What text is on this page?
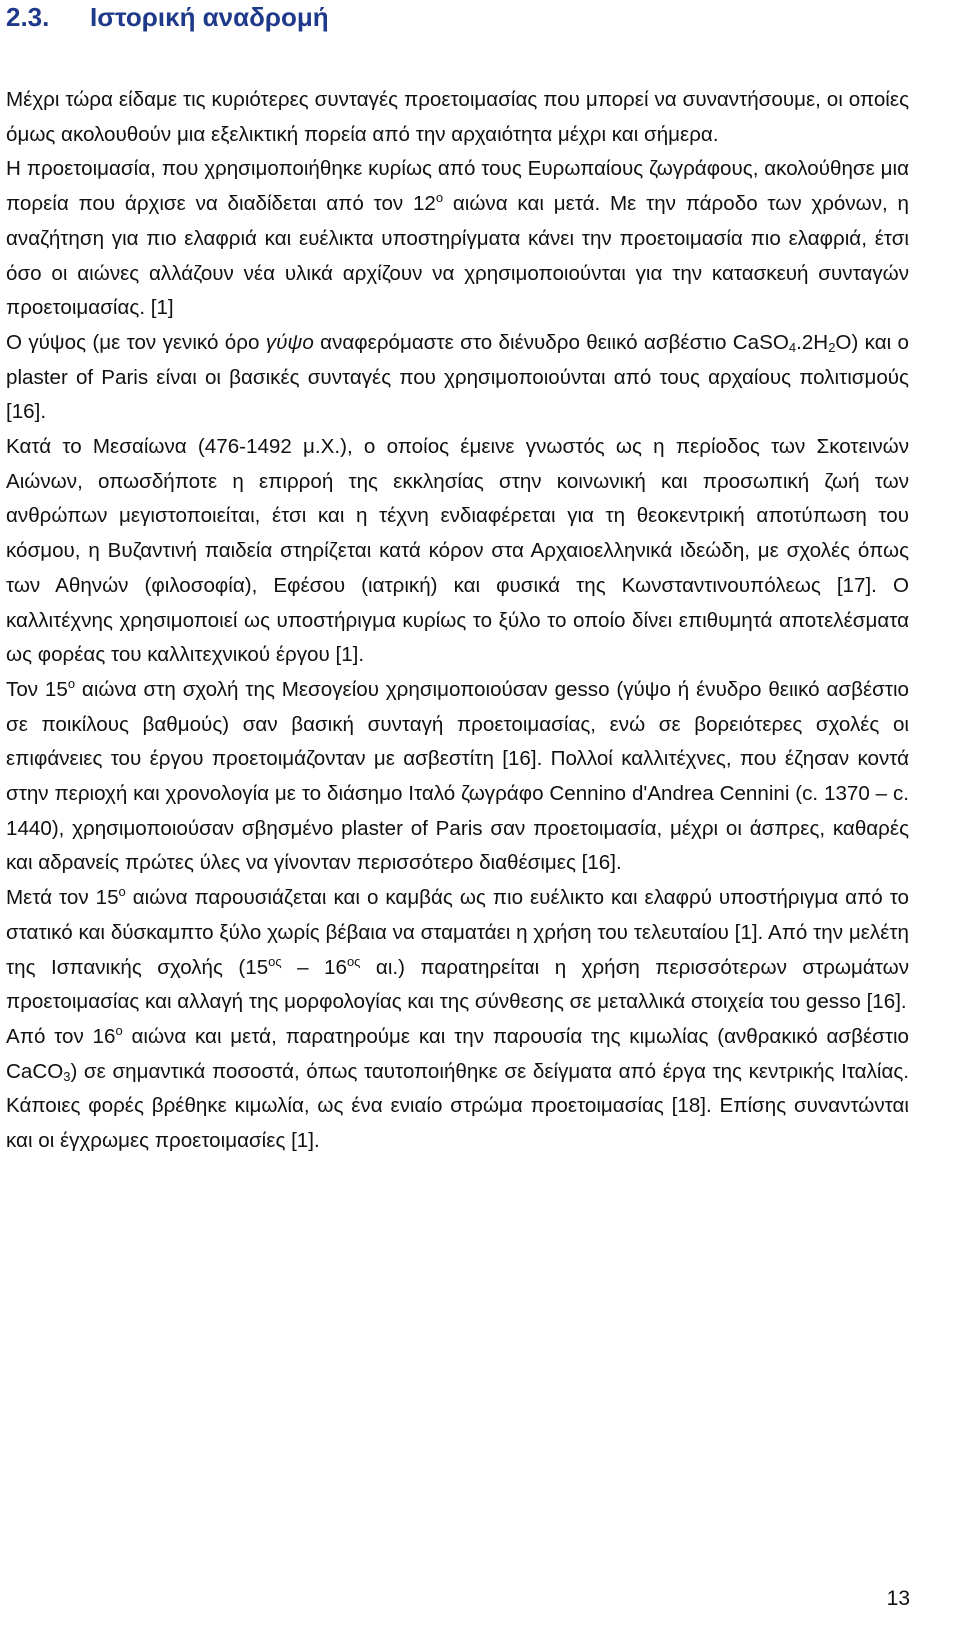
2.3. Ιστορική αναδρομή

Μέχρι τώρα είδαμε τις κυριότερες συνταγές προετοιμασίας που μπορεί να συναντήσουμε, οι οποίες όμως ακολουθούν μια εξελικτική πορεία από την αρχαιότητα μέχρι και σήμερα.

Η προετοιμασία, που χρησιμοποιήθηκε κυρίως από τους Ευρωπαίους ζωγράφους, ακολούθησε μια πορεία που άρχισε να διαδίδεται από τον $12^o$ αιώνα και μετά. Με την πάροδο των χρόνων, η αναζήτηση για πιο ελαφριά και ευέλικτα υποστηρίγματα κάνει την προετοιμασία πιο ελαφριά, έτσι όσο οι αιώνες αλλάζουν νέα υλικά αρχίζουν να χρησιμοποιούνται για την κατασκευή συνταγών προετοιμασίας. [1]

Ο γύψος (με τον γενικό όρο γύψο αναφερόμαστε στο διένυδρο θειικό ασβέστιο $CaSO_4.2H_2O$) και ο plaster of Paris είναι οι βασικές συνταγές που χρησιμοποιούνται από τους αρχαίους πολιτισμούς [16].

Κατά το Μεσαίωνα (476-1492 μ.Χ.), ο οποίος έμεινε γνωστός ως η περίοδος των Σκοτεινών Αιώνων, οπωσδήποτε η επιρροή της εκκλησίας στην κοινωνική και προσωπική ζωή των ανθρώπων μεγιστοποιείται, έτσι και η τέχνη ενδιαφέρεται για τη θεοκεντρική αποτύπωση του κόσμου, η Βυζαντινή παιδεία στηρίζεται κατά κόρον στα Αρχαιοελληνικά ιδεώδη, με σχολές όπως των Αθηνών (φιλοσοφία), Εφέσου (ιατρική) και φυσικά της Κωνσταντινουπόλεως [17]. Ο καλλιτέχνης χρησιμοποιεί ως υποστήριγμα κυρίως το ξύλο το οποίο δίνει επιθυμητά αποτελέσματα ως φορέας του καλλιτεχνικού έργου [1].

Τον $15^o$ αιώνα στη σχολή της Μεσογείου χρησιμοποιούσαν gesso (γύψο ή ένυδρο θειικό ασβέστιο σε ποικίλους βαθμούς) σαν βασική συνταγή προετοιμασίας, ενώ σε βορειότερες σχολές οι επιφάνειες του έργου προετοιμάζονταν με ασβεστίτη [16]. Πολλοί καλλιτέχνες, που έζησαν κοντά στην περιοχή και χρονολογία με το διάσημο Ιταλό ζωγράφο Cennino d'Andrea Cennini (c. 1370 – c. 1440), χρησιμοποιούσαν σβησμένο plaster of Paris σαν προετοιμασία, μέχρι οι άσπρες, καθαρές και αδρανείς πρώτες ύλες να γίνονταν περισσότερο διαθέσιμες [16].

Μετά τον $15^o$ αιώνα παρουσιάζεται και ο καμβάς ως πιο ευέλικτο και ελαφρύ υποστήριγμα από το στατικό και δύσκαμπτο ξύλο χωρίς βέβαια να σταματάει η χρήση του τελευταίου [1]. Από την μελέτη της Ισπανικής σχολής ($15^{o\varsigma} - 16^{o\varsigma}$ αι.) παρατηρείται η χρήση περισσότερων στρωμάτων προετοιμασίας και αλλαγή της μορφολογίας και της σύνθεσης σε μεταλλικά στοιχεία του gesso [16].

Από τον $16^o$ αιώνα και μετά, παρατηρούμε και την παρουσία της κιμωλίας (ανθρακικό ασβέστιο CaCO$_3$) σε σημαντικά ποσοστά, όπως ταυτοποιήθηκε σε δείγματα από έργα της κεντρικής Ιταλίας. Κάποιες φορές βρέθηκε κιμωλία, ως ένα ενιαίο στρώμα προετοιμασίας [18]. Επίσης συναντώνται και οι έγχρωμες προετοιμασίες [1].

13
